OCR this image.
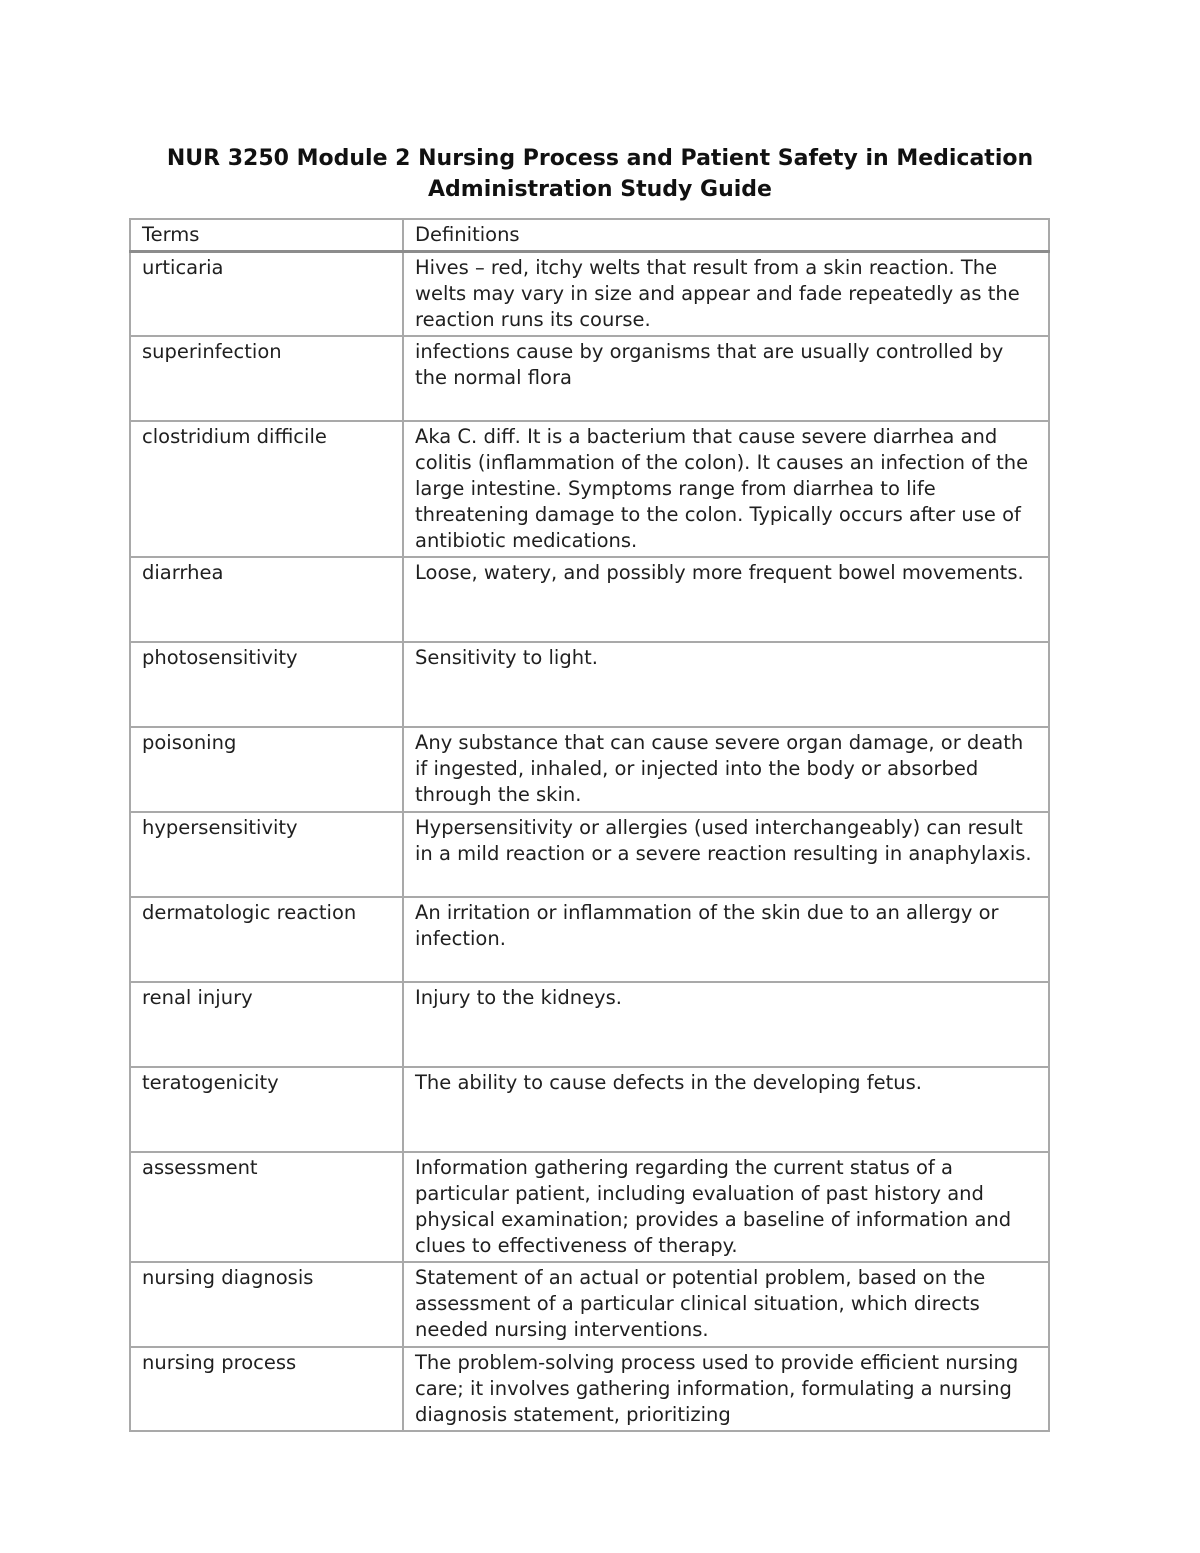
NUR 3250 Module 2 Nursing Process and Patient Safety in Medication
Administration Study Guide
Terms	Definitions
urticaria	Hives – red, itchy welts that result from a skin reaction. The welts may vary in size and appear and fade repeatedly as the reaction runs its course.
superinfection	infections cause by organisms that are usually controlled by the normal flora
clostridium difficile	Aka C. diff. It is a bacterium that cause severe diarrhea and colitis (inflammation of the colon). It causes an infection of the large intestine. Symptoms range from diarrhea to life threatening damage to the colon. Typically occurs after use of antibiotic medications.
diarrhea	Loose, watery, and possibly more frequent bowel movements.
photosensitivity	Sensitivity to light.
poisoning	Any substance that can cause severe organ damage, or death if ingested, inhaled, or injected into the body or absorbed through the skin.
hypersensitivity	Hypersensitivity or allergies (used interchangeably) can result in a mild reaction or a severe reaction resulting in anaphylaxis.
dermatologic reaction	An irritation or inflammation of the skin due to an allergy or infection.
renal injury	Injury to the kidneys.
teratogenicity	The ability to cause defects in the developing fetus.
assessment	Information gathering regarding the current status of a particular patient, including evaluation of past history and physical examination; provides a baseline of information and clues to effectiveness of therapy.
nursing diagnosis	Statement of an actual or potential problem, based on the assessment of a particular clinical situation, which directs needed nursing interventions.
nursing process	The problem-solving process used to provide efficient nursing care; it involves gathering information, formulating a nursing diagnosis statement, prioritizing
